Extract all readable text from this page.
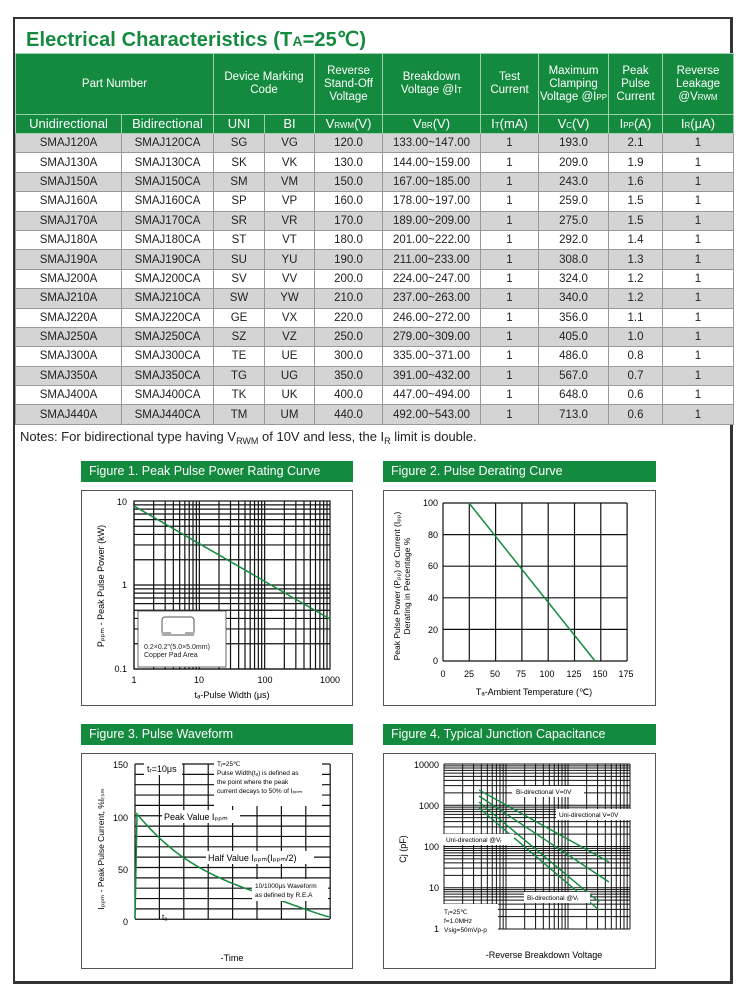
Electrical Characteristics (TA=25℃)
Part Number		Device Marking Code		Reverse Stand-Off Voltage	Breakdown Voltage @IT	Test Current	Maximum Clamping Voltage @IPP	Peak Pulse Current	Reverse Leakage @VRWM
Unidirectional	Bidirectional	UNI	BI	VRWM(V)	VBR(V)	IT(mA)	VC(V)	IPP(A)	IR(μA)
SMAJ120A	SMAJ120CA	SG	VG	120.0	133.00~147.00	1	193.0	2.1	1
SMAJ130A	SMAJ130CA	SK	VK	130.0	144.00~159.00	1	209.0	1.9	1
SMAJ150A	SMAJ150CA	SM	VM	150.0	167.00~185.00	1	243.0	1.6	1
SMAJ160A	SMAJ160CA	SP	VP	160.0	178.00~197.00	1	259.0	1.5	1
SMAJ170A	SMAJ170CA	SR	VR	170.0	189.00~209.00	1	275.0	1.5	1
SMAJ180A	SMAJ180CA	ST	VT	180.0	201.00~222.00	1	292.0	1.4	1
SMAJ190A	SMAJ190CA	SU	YU	190.0	211.00~233.00	1	308.0	1.3	1
SMAJ200A	SMAJ200CA	SV	VV	200.0	224.00~247.00	1	324.0	1.2	1
SMAJ210A	SMAJ210CA	SW	YW	210.0	237.00~263.00	1	340.0	1.2	1
SMAJ220A	SMAJ220CA	GE	VX	220.0	246.00~272.00	1	356.0	1.1	1
SMAJ250A	SMAJ250CA	SZ	VZ	250.0	279.00~309.00	1	405.0	1.0	1
SMAJ300A	SMAJ300CA	TE	UE	300.0	335.00~371.00	1	486.0	0.8	1
SMAJ350A	SMAJ350CA	TG	UG	350.0	391.00~432.00	1	567.0	0.7	1
SMAJ400A	SMAJ400CA	TK	UK	400.0	447.00~494.00	1	648.0	0.6	1
SMAJ440A	SMAJ440CA	TM	UM	440.0	492.00~543.00	1	713.0	0.6	1
Notes: For bidirectional type having $V_{RWM}$ of 10V and less, the $I_R$ limit is double.
Figure 1. Peak Pulse Power Rating Curve
0.2×0.2"(5.0×5.0mm)
Copper Pad Area
10
1
0.1
1	10	100	1000
tₐ-Pulse Width (μs)
Pₚₚₘ - Peak Pulse Power (kW)
Figure 2. Pulse Derating Curve
100
80
60
40
20
0
0 25 50 75 100 125 150 175
Tₐ-Ambient Temperature (℃)
Peak Pulse Power (Pₚₚ) or Current (Iₚₚ) Derating in Percentage %
Figure 3. Pulse Waveform
150
100
50
0
tᵣ=10μs	Tⱼ=25℃
Pulse Width(tₐ) is defined as
the point where the peak
current decays to 50% of Iₚₚₘ
Peak Value Iₚₚₘ
Half Value Iₚₚₘ(Iₚₚₘ/2)
10/1000μs Waveform
as defined by R.E.A
tₐ
-Time
Iₚₚₘ - Peak Pulse Current, %Iᵣₛₘ
Figure 4. Typical Junction Capacitance
Bi-directional V=0V
Uni-directional V=0V
Uni-directional @Vᵣ
Bi-directional @Vᵣ
Tⱼ=25℃
f=1.0MHz
Vsig=50mVp-p
10000
1000
100
10
1
-Reverse Breakdown Voltage
Cj (pF)
